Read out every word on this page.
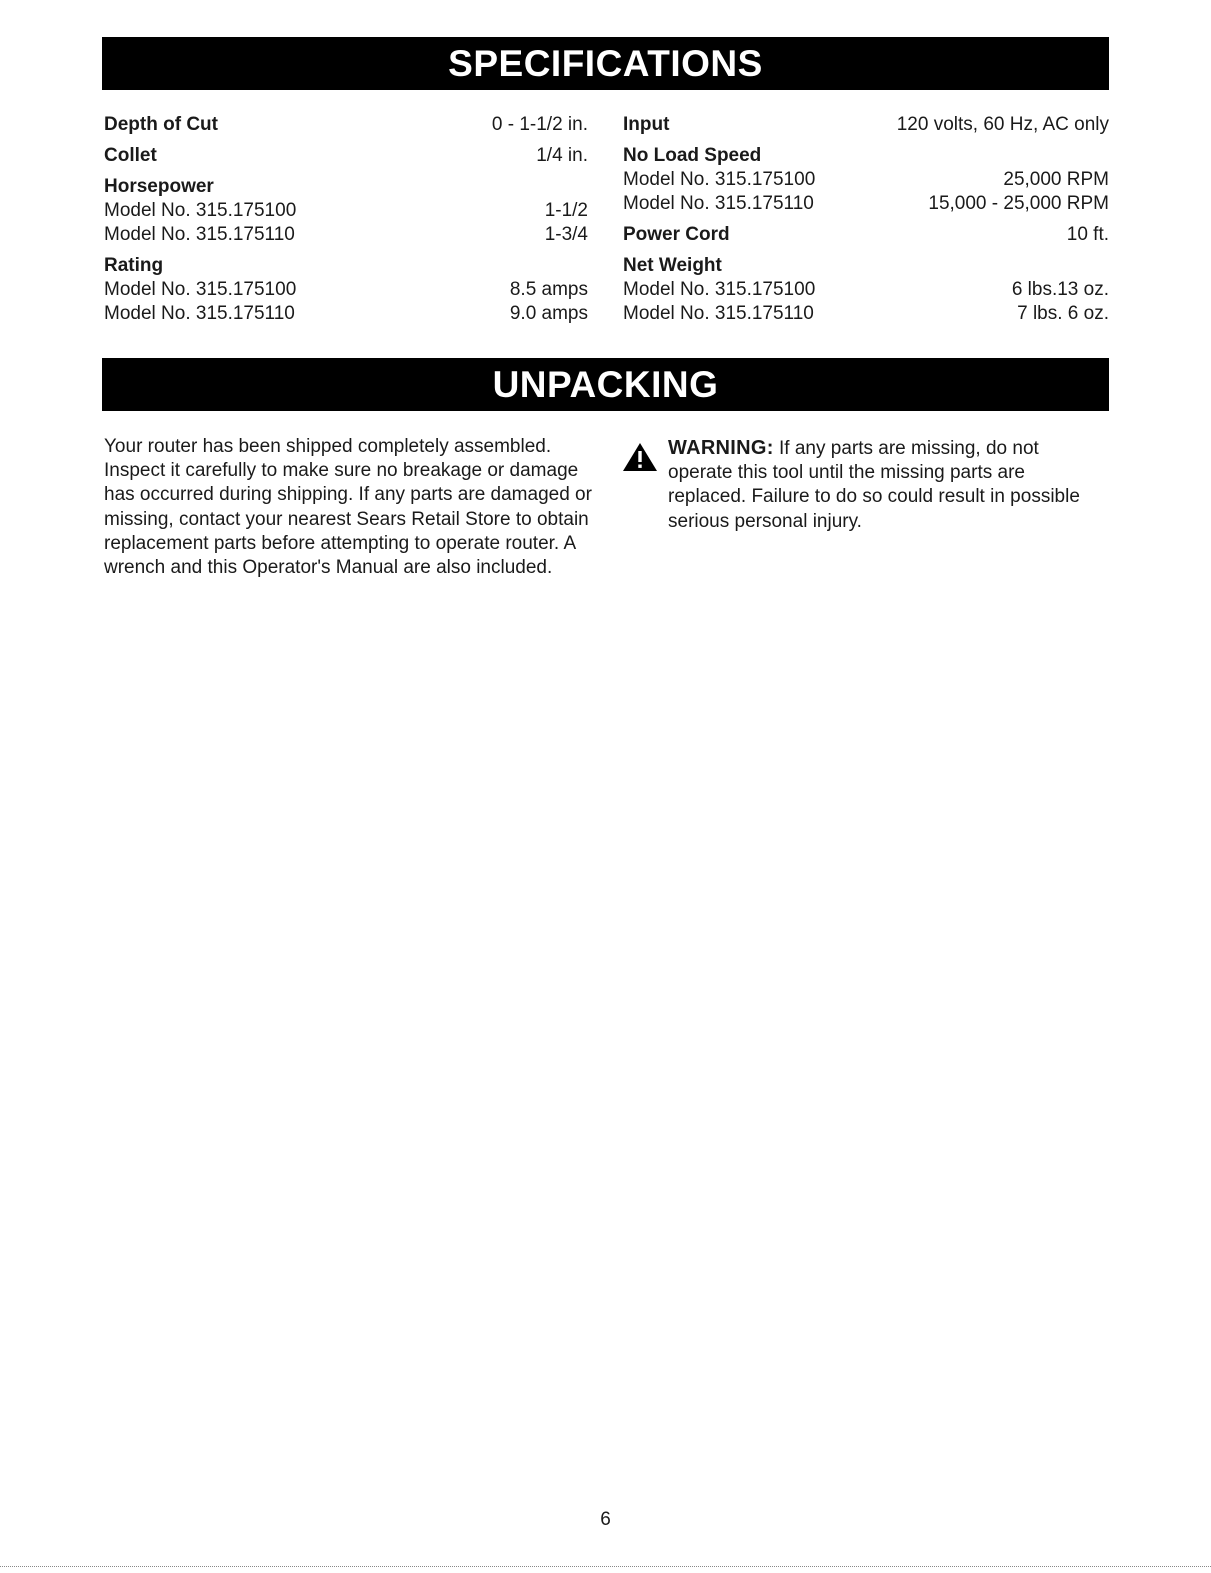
SPECIFICATIONS
Depth of Cut	0 - 1-1/2 in.
Collet	1/4 in.
Horsepower
Model No. 315.175100	1-1/2
Model No. 315.175110	1-3/4
Rating
Model No. 315.175100	8.5 amps
Model No. 315.175110	9.0 amps
Input	120 volts, 60 Hz, AC only
No Load Speed
Model No. 315.175100	25,000 RPM
Model No. 315.175110	15,000 - 25,000 RPM
Power Cord	10 ft.
Net Weight
Model No. 315.175100	6 lbs.13 oz.
Model No. 315.175110	7 lbs. 6 oz.
UNPACKING
Your router has been shipped completely assembled. Inspect it carefully to make sure no breakage or damage has occurred during shipping. If any parts are damaged or missing, contact your nearest Sears Retail Store to obtain replacement parts before attempting to operate router. A wrench and this Operator's Manual are also included.
WARNING: If any parts are missing, do not operate this tool until the missing parts are replaced. Failure to do so could result in possible serious personal injury.
6
